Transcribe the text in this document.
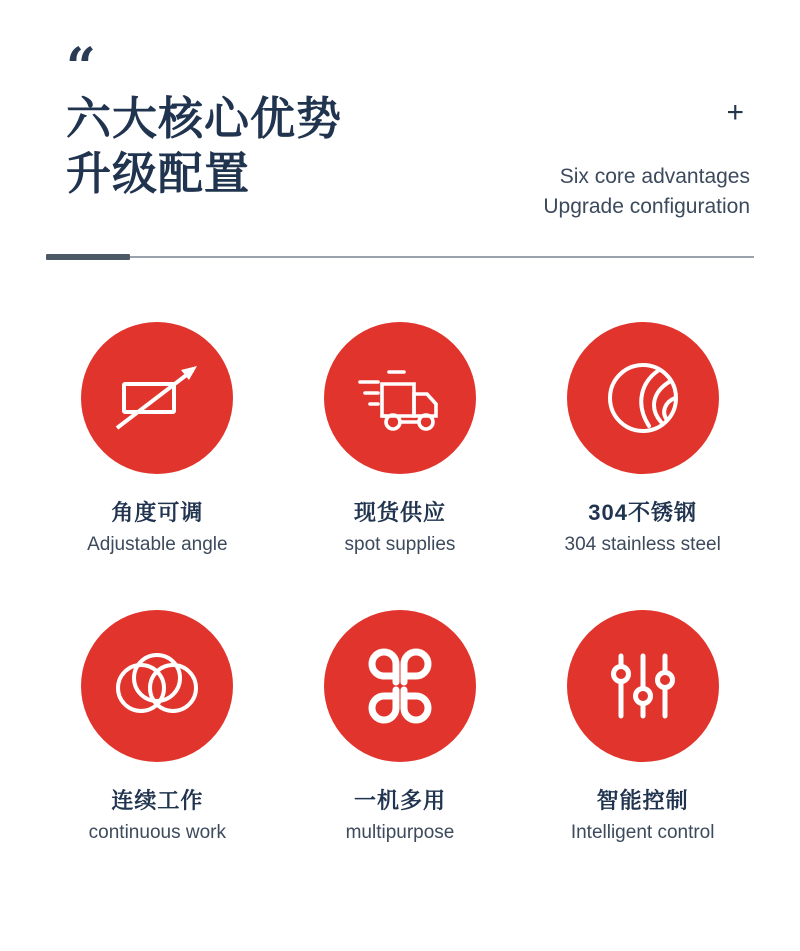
“
六大核心优势
升级配置
+
Six core advantages
Upgrade configuration
角度可调
Adjustable angle
现货供应
spot supplies
304不锈钢
304 stainless steel
连续工作
continuous work
一机多用
multipurpose
智能控制
Intelligent control
